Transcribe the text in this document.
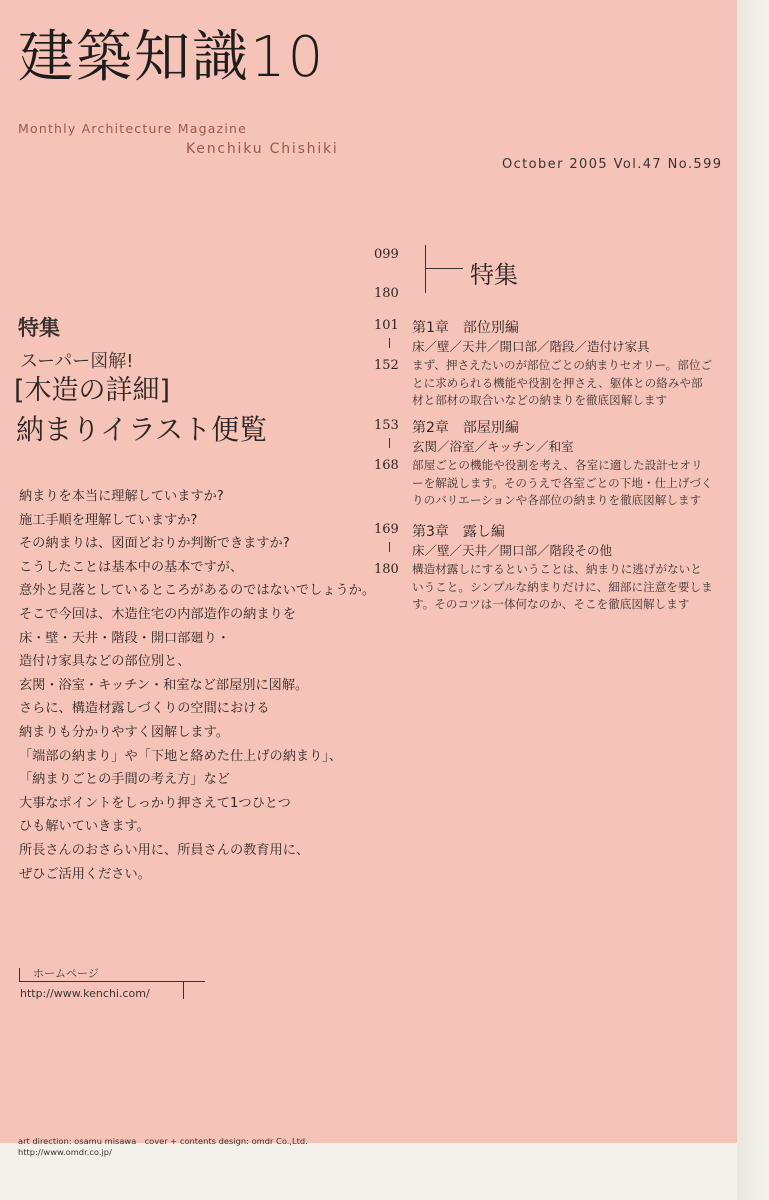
建築知識10
Monthly Architecture Magazine
Kenchiku Chishiki
October 2005 Vol.47 No.599
特集
スーパー図解!
[木造の詳細]
納まりイラスト便覧
納まりを本当に理解していますか?
施工手順を理解していますか?
その納まりは、図面どおりか判断できますか?
こうしたことは基本中の基本ですが、
意外と見落としているところがあるのではないでしょうか。
そこで今回は、木造住宅の内部造作の納まりを
床・壁・天井・階段・開口部廻り・
造付け家具などの部位別と、
玄関・浴室・キッチン・和室など部屋別に図解。
さらに、構造材露しづくりの空間における
納まりも分かりやすく図解します。
「端部の納まり」や「下地と絡めた仕上げの納まり」、
「納まりごとの手間の考え方」など
大事なポイントをしっかり押さえて1つひとつ
ひも解いていきます。
所長さんのおさらい用に、所員さんの教育用に、
ぜひご活用ください。
099
180
特集
101
152
第1章　部位別編
床／壁／天井／開口部／階段／造付け家具
まず、押さえたいのが部位ごとの納まりセオリー。部位ご
とに求められる機能や役割を押さえ、躯体との絡みや部
材と部材の取合いなどの納まりを徹底図解します
153
168
第2章　部屋別編
玄関／浴室／キッチン／和室
部屋ごとの機能や役割を考え、各室に適した設計セオリ
ーを解説します。そのうえで各室ごとの下地・仕上げづく
りのバリエーションや各部位の納まりを徹底図解します
169
180
第3章　露し編
床／壁／天井／開口部／階段その他
構造材露しにするということは、納まりに逃げがないと
いうこと。シンプルな納まりだけに、細部に注意を要しま
す。そのコツは一体何なのか、そこを徹底図解します
ホームページ
http://www.kenchi.com/
art direction: osamu misawa　cover + contents design: omdr Co.,Ltd.
http://www.omdr.co.jp/
